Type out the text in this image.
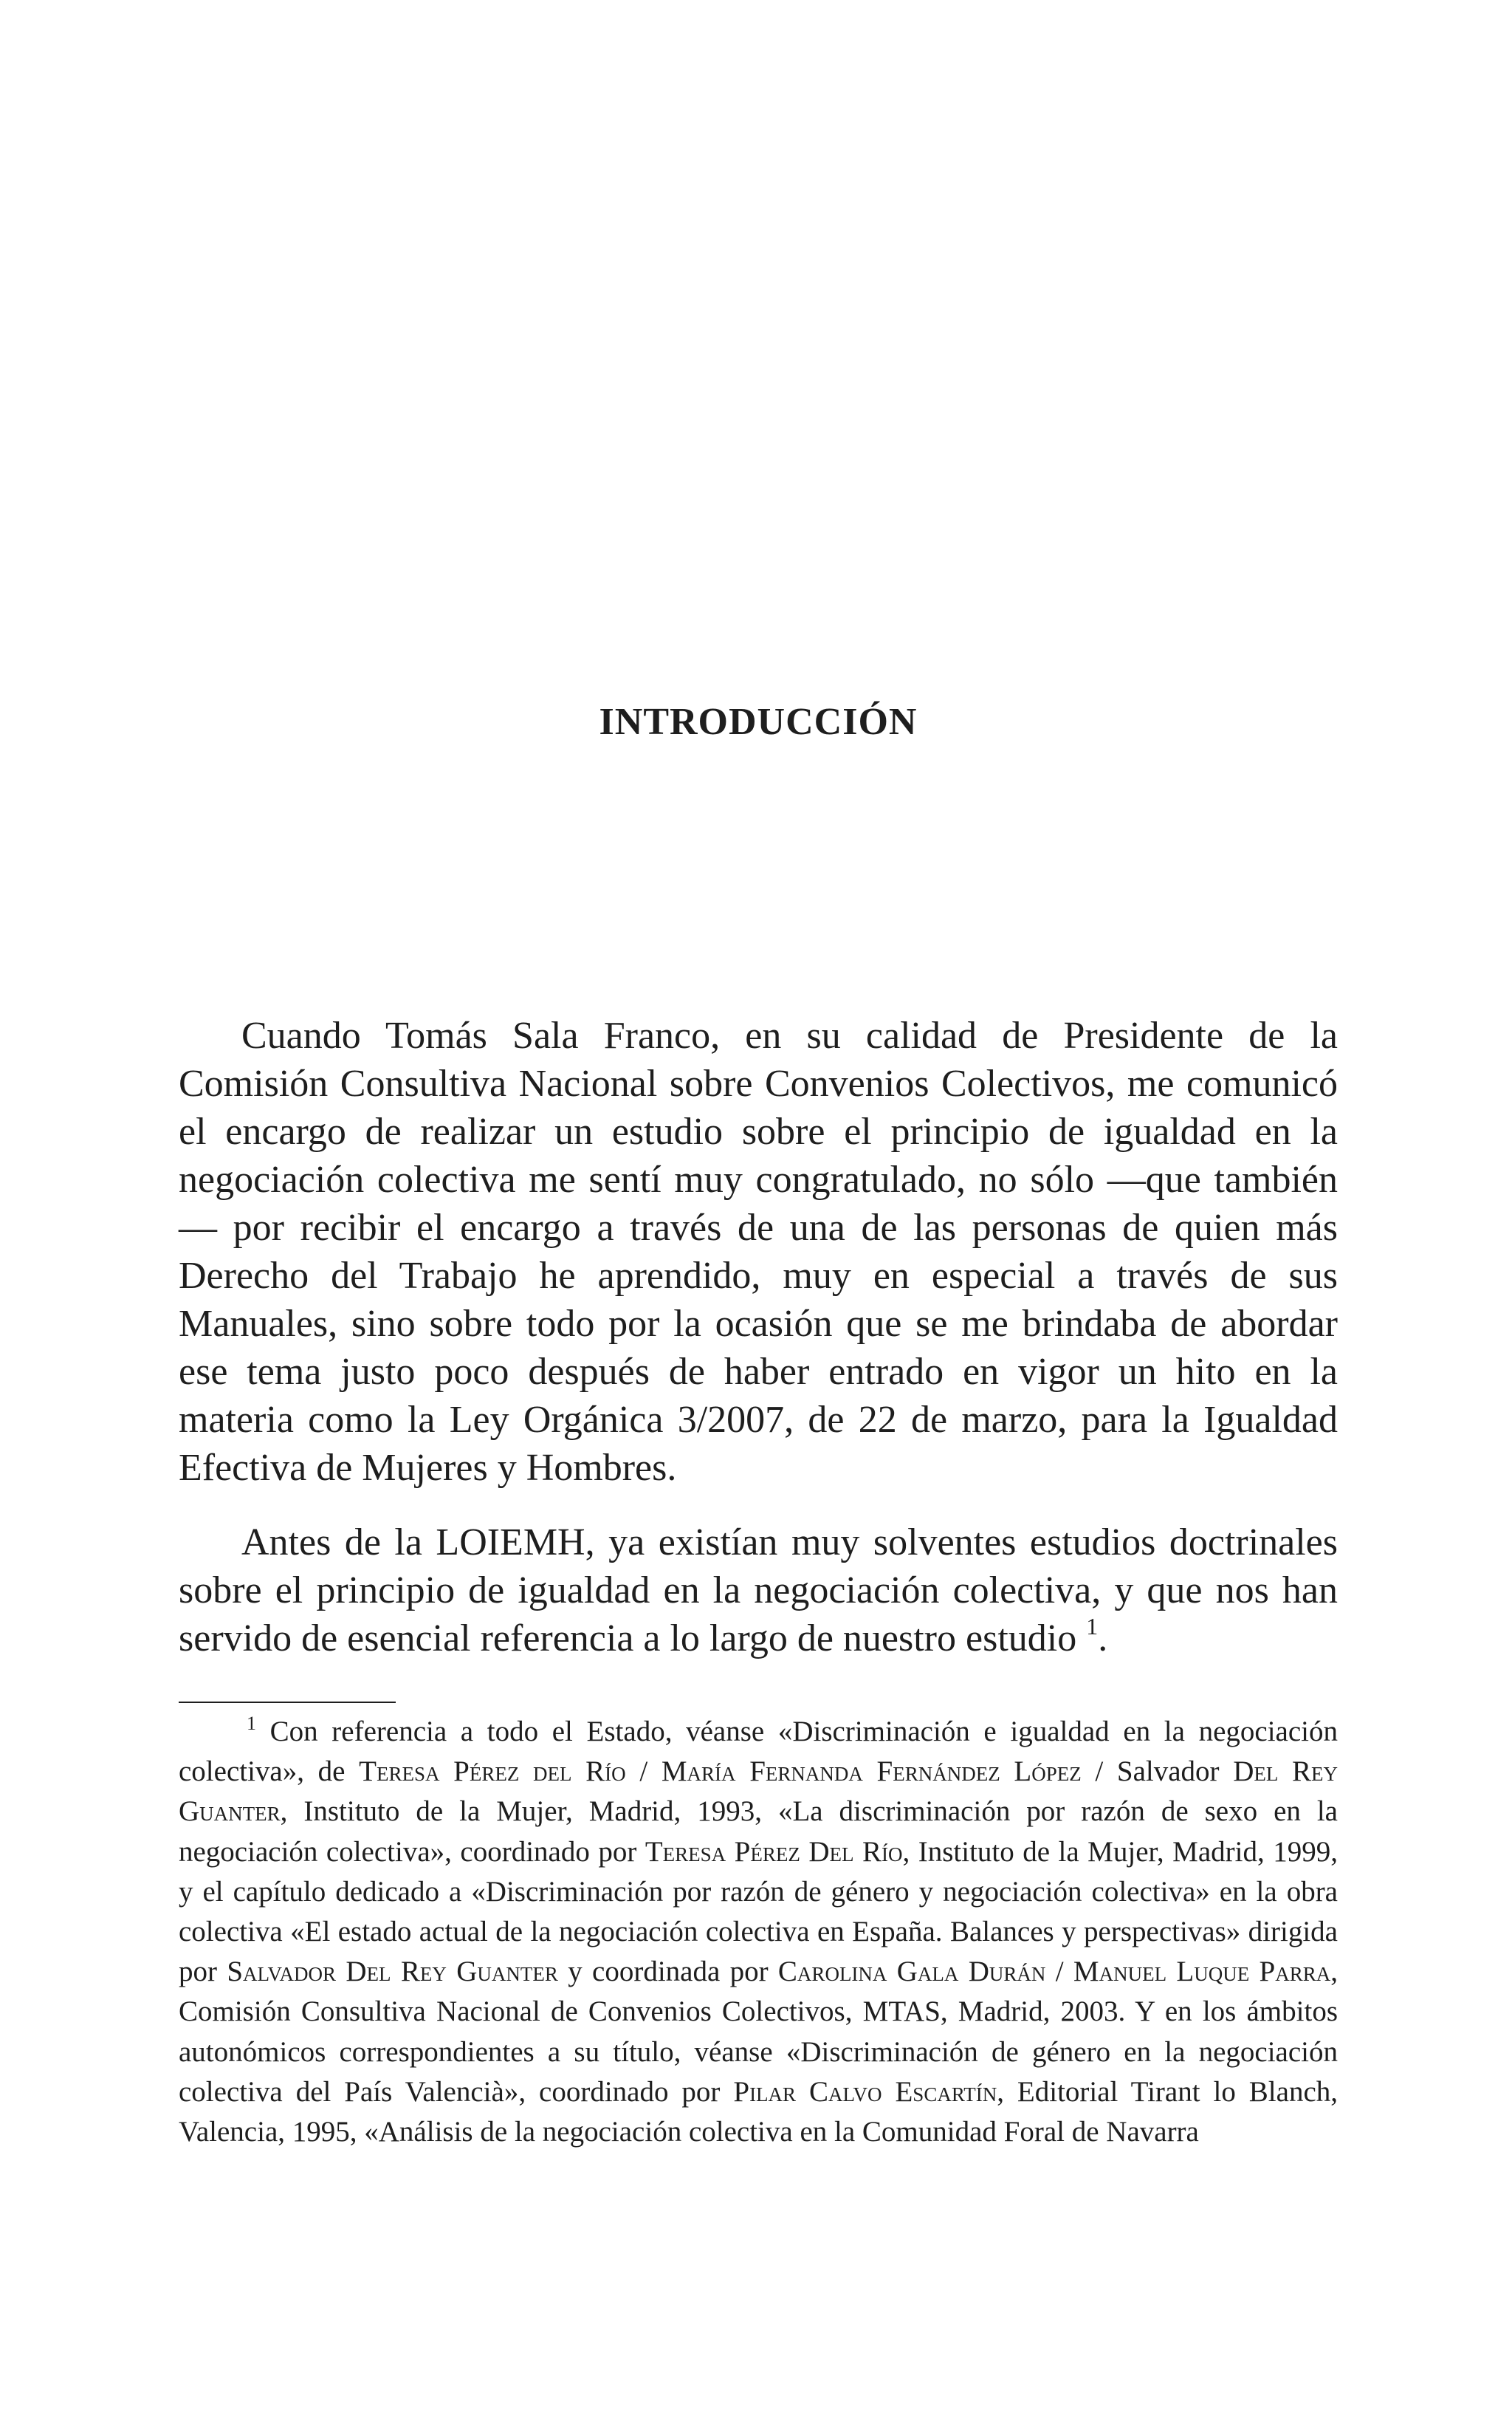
INTRODUCCIÓN

Cuando Tomás Sala Franco, en su calidad de Presidente de la Comisión Consultiva Nacional sobre Convenios Colectivos, me comunicó el encargo de realizar un estudio sobre el principio de igualdad en la negociación colectiva me sentí muy congratulado, no sólo —que también— por recibir el encargo a través de una de las personas de quien más Derecho del Trabajo he aprendido, muy en especial a través de sus Manuales, sino sobre todo por la ocasión que se me brindaba de abordar ese tema justo poco después de haber entrado en vigor un hito en la materia como la Ley Orgánica 3/2007, de 22 de marzo, para la Igualdad Efectiva de Mujeres y Hombres.

Antes de la LOIEMH, ya existían muy solventes estudios doctrinales sobre el principio de igualdad en la negociación colectiva, y que nos han servido de esencial referencia a lo largo de nuestro estudio $^1$.

$^1$ Con referencia a todo el Estado, véanse «Discriminación e igualdad en la negociación colectiva», de Teresa Pérez del Río / María Fernanda Fernández López / Salvador Del Rey Guanter, Instituto de la Mujer, Madrid, 1993, «La discriminación por razón de sexo en la negociación colectiva», coordinado por Teresa Pérez Del Río, Instituto de la Mujer, Madrid, 1999, y el capítulo dedicado a «Discriminación por razón de género y negociación colectiva» en la obra colectiva «El estado actual de la negociación colectiva en España. Balances y perspectivas» dirigida por Salvador Del Rey Guanter y coordinada por Carolina Gala Durán / Manuel Luque Parra, Comisión Consultiva Nacional de Convenios Colectivos, MTAS, Madrid, 2003. Y en los ámbitos autonómicos correspondientes a su título, véanse «Discriminación de género en la negociación colectiva del País Valencià», coordinado por Pilar Calvo Escartín, Editorial Tirant lo Blanch, Valencia, 1995, «Análisis de la negociación colectiva en la Comunidad Foral de Navarra
